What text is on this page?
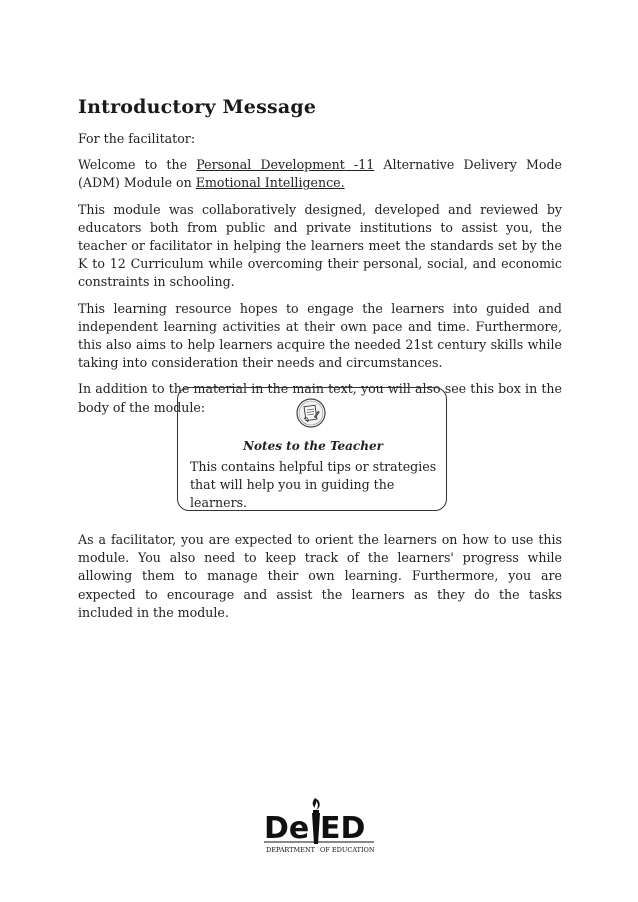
Introductory Message

For the facilitator:

Welcome to the Personal Development -11 Alternative Delivery Mode (ADM) Module on Emotional Intelligence.

This module was collaboratively designed, developed and reviewed by educators both from public and private institutions to assist you, the teacher or facilitator in helping the learners meet the standards set by the K to 12 Curriculum while overcoming their personal, social, and economic constraints in schooling.

This learning resource hopes to engage the learners into guided and independent learning activities at their own pace and time. Furthermore, this also aims to help learners acquire the needed 21st century skills while taking into consideration their needs and circumstances.

In addition to the material in the main text, you will also see this box in the body of the module:

Notes to the Teacher
This contains helpful tips or strategies that will help you in guiding the learners.

As a facilitator, you are expected to orient the learners on how to use this module. You also need to keep track of the learners' progress while allowing them to manage their own learning. Furthermore, you are expected to encourage and assist the learners as they do the tasks included in the module.

De ED
DEPARTMENT OF EDUCATION
